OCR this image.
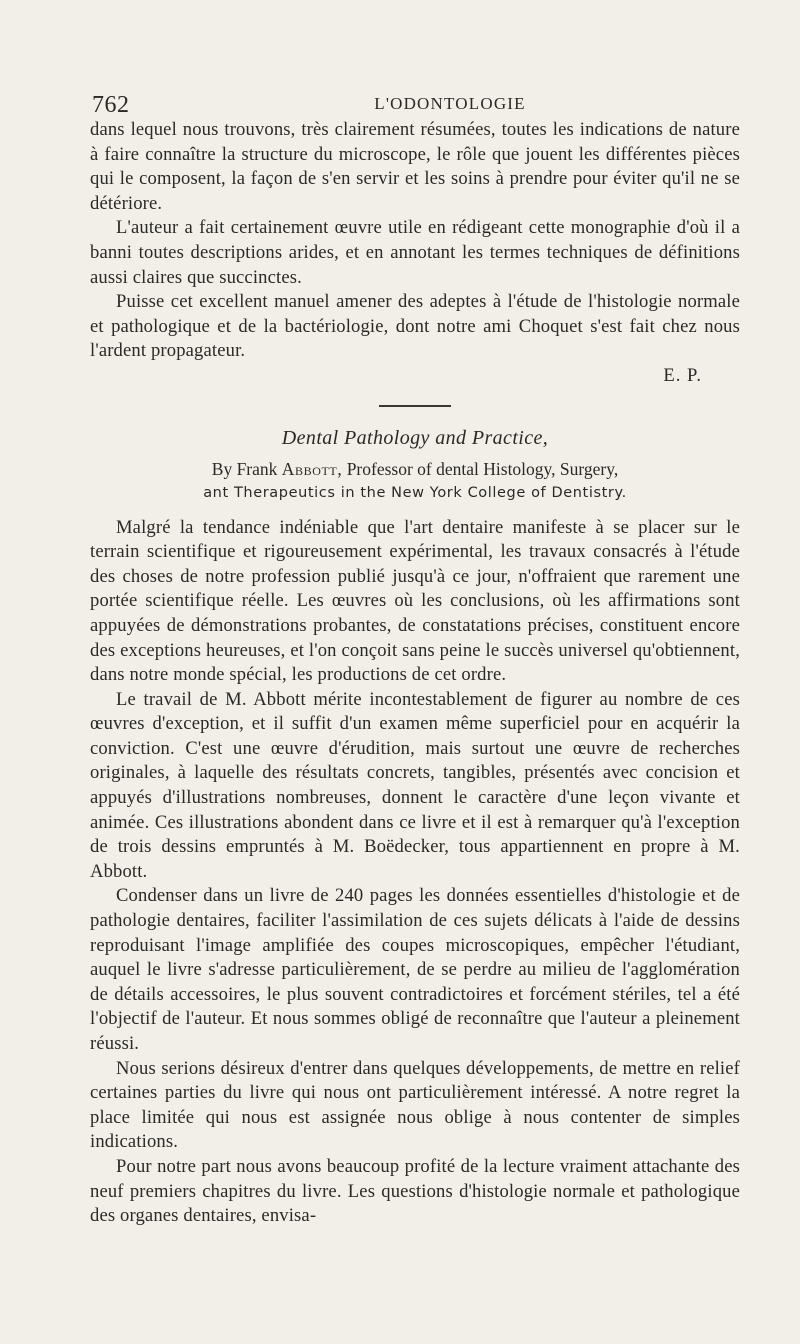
762	L'ODONTOLOGIE

dans lequel nous trouvons, très clairement résumées, toutes les indications de nature à faire connaître la structure du microscope, le rôle que jouent les différentes pièces qui le composent, la façon de s'en servir et les soins à prendre pour éviter qu'il ne se détériore.

L'auteur a fait certainement œuvre utile en rédigeant cette monographie d'où il a banni toutes descriptions arides, et en annotant les termes techniques de définitions aussi claires que succinctes.

Puisse cet excellent manuel amener des adeptes à l'étude de l'histologie normale et pathologique et de la bactériologie, dont notre ami Choquet s'est fait chez nous l'ardent propagateur.

E. P.

Dental Pathology and Practice,

By Frank Abbott, Professor of dental Histology, Surgery,

ant Therapeutics in the New York College of Dentistry.

Malgré la tendance indéniable que l'art dentaire manifeste à se placer sur le terrain scientifique et rigoureusement expérimental, les travaux consacrés à l'étude des choses de notre profession publié jusqu'à ce jour, n'offraient que rarement une portée scientifique réelle. Les œuvres où les conclusions, où les affirmations sont appuyées de démonstrations probantes, de constatations précises, constituent encore des exceptions heureuses, et l'on conçoit sans peine le succès universel qu'obtiennent, dans notre monde spécial, les productions de cet ordre.

Le travail de M. Abbott mérite incontestablement de figurer au nombre de ces œuvres d'exception, et il suffit d'un examen même superficiel pour en acquérir la conviction. C'est une œuvre d'érudition, mais surtout une œuvre de recherches originales, à laquelle des résultats concrets, tangibles, présentés avec concision et appuyés d'illustrations nombreuses, donnent le caractère d'une leçon vivante et animée. Ces illustrations abondent dans ce livre et il est à remarquer qu'à l'exception de trois dessins empruntés à M. Boëdecker, tous appartiennent en propre à M. Abbott.

Condenser dans un livre de 240 pages les données essentielles d'histologie et de pathologie dentaires, faciliter l'assimilation de ces sujets délicats à l'aide de dessins reproduisant l'image amplifiée des coupes microscopiques, empêcher l'étudiant, auquel le livre s'adresse particulièrement, de se perdre au milieu de l'agglomération de détails accessoires, le plus souvent contradictoires et forcément stériles, tel a été l'objectif de l'auteur. Et nous sommes obligé de reconnaître que l'auteur a pleinement réussi.

Nous serions désireux d'entrer dans quelques développements, de mettre en relief certaines parties du livre qui nous ont particulièrement intéressé. A notre regret la place limitée qui nous est assignée nous oblige à nous contenter de simples indications.

Pour notre part nous avons beaucoup profité de la lecture vraiment attachante des neuf premiers chapitres du livre. Les questions d'histologie normale et pathologique des organes dentaires, envisa-
